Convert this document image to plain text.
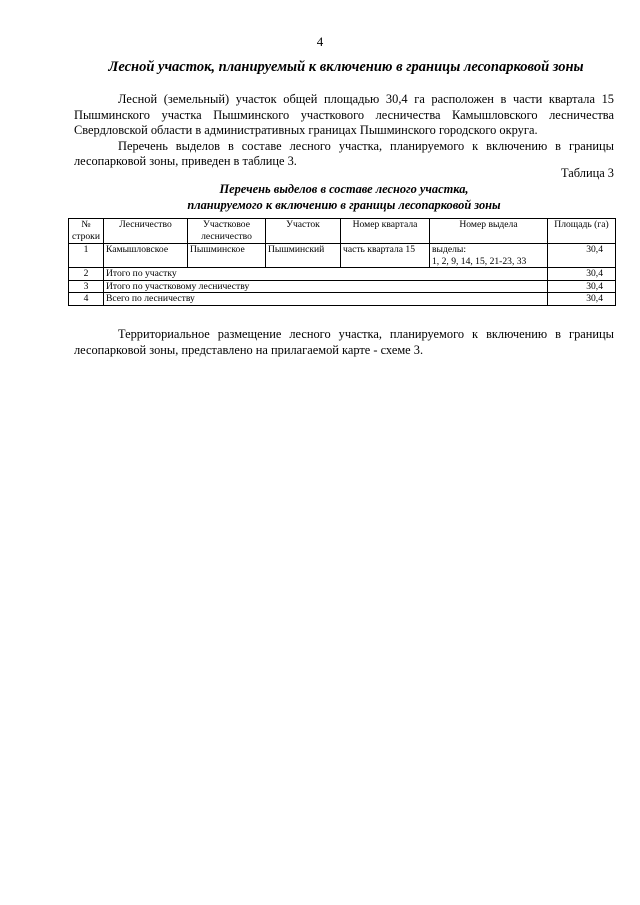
4
Лесной участок, планируемый к включению в границы лесопарковой зоны

Лесной (земельный) участок общей площадью 30,4 га расположен в части квартала 15 Пышминского участка Пышминского участкового лесничества Камышловского лесничества Свердловской области в административных границах Пышминского городского округа.

Перечень выделов в составе лесного участка, планируемого к включению в границы лесопарковой зоны, приведен в таблице 3.

Таблица 3
Перечень выделов в составе лесного участка,
планируемого к включению в границы лесопарковой зоны
№ строки	Лесничество	Участковое лесничество	Участок	Номер квартала	Номер выдела	Площадь (га)
1	Камышловское	Пышминское	Пышминский	часть квартала 15	выделы:
1, 2, 9, 14, 15, 21-23, 33	30,4
2	Итого по участку					30,4
3	Итого по участковому лесничеству					30,4
4	Всего по лесничеству					30,4

Территориальное размещение лесного участка, планируемого к включению в границы лесопарковой зоны, представлено на прилагаемой карте - схеме 3.
